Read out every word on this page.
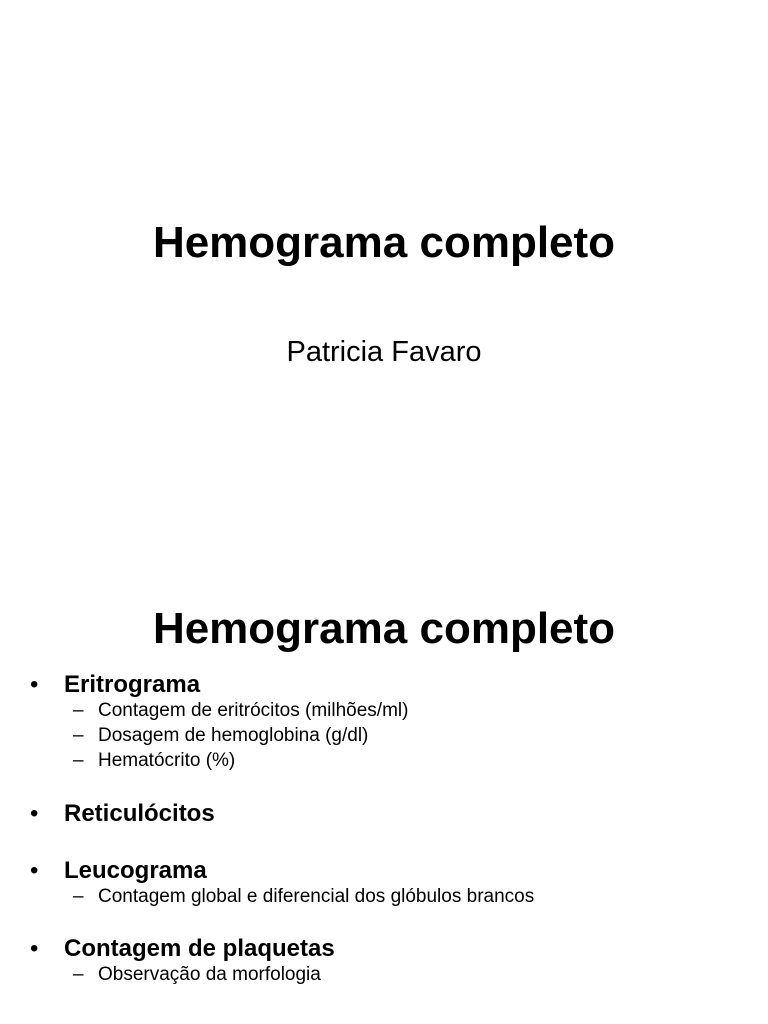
Hemograma completo
Patricia Favaro
Hemograma completo
• Eritrograma
– Contagem de eritrócitos (milhões/ml)
– Dosagem de hemoglobina (g/dl)
– Hematócrito (%)
• Reticulócitos
• Leucograma
– Contagem global e diferencial dos glóbulos brancos
• Contagem de plaquetas
– Observação da morfologia
